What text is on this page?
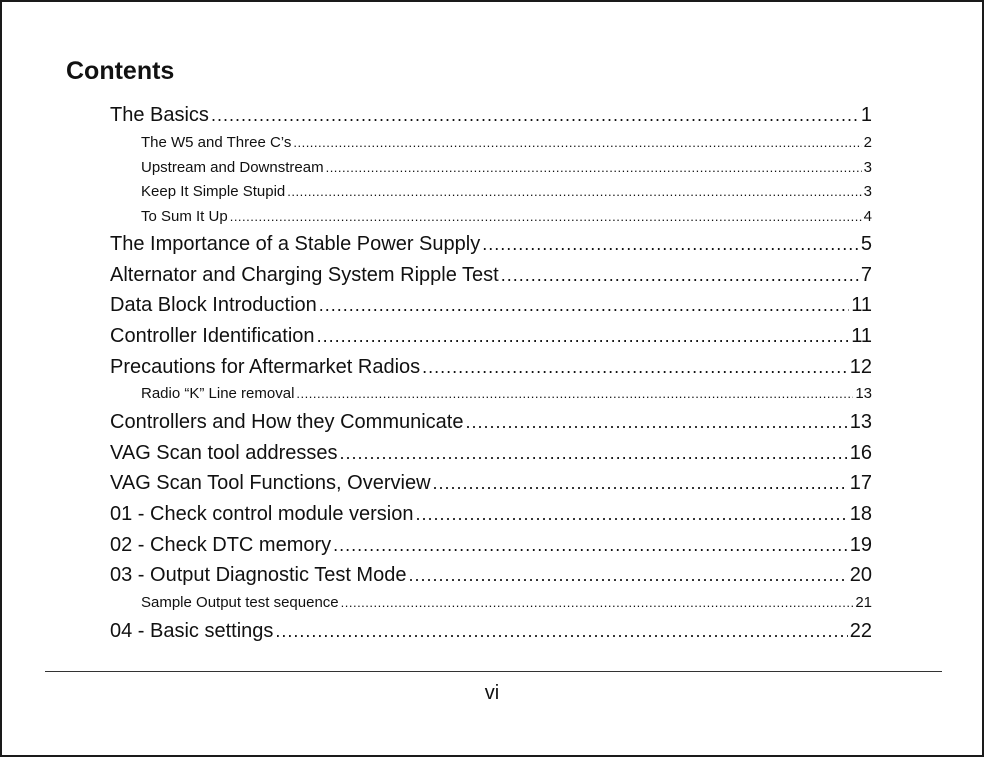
Contents
The Basics .....	1
The W5 and Three C’s .....	2
Upstream and Downstream .....	3
Keep It Simple Stupid .....	3
To Sum It Up .....	4
The Importance of a Stable Power Supply .....	5
Alternator and Charging System Ripple Test .....	7
Data Block Introduction .....	11
Controller Identification .....	11
Precautions for Aftermarket Radios .....	12
Radio “K” Line removal .....	13
Controllers and How they Communicate .....	13
VAG Scan tool addresses .....	16
VAG Scan Tool Functions, Overview .....	17
01 - Check control module version .....	18
02 - Check DTC memory .....	19
03 - Output Diagnostic Test Mode .....	20
Sample Output test sequence .....	21
04 - Basic settings .....	22
vi
